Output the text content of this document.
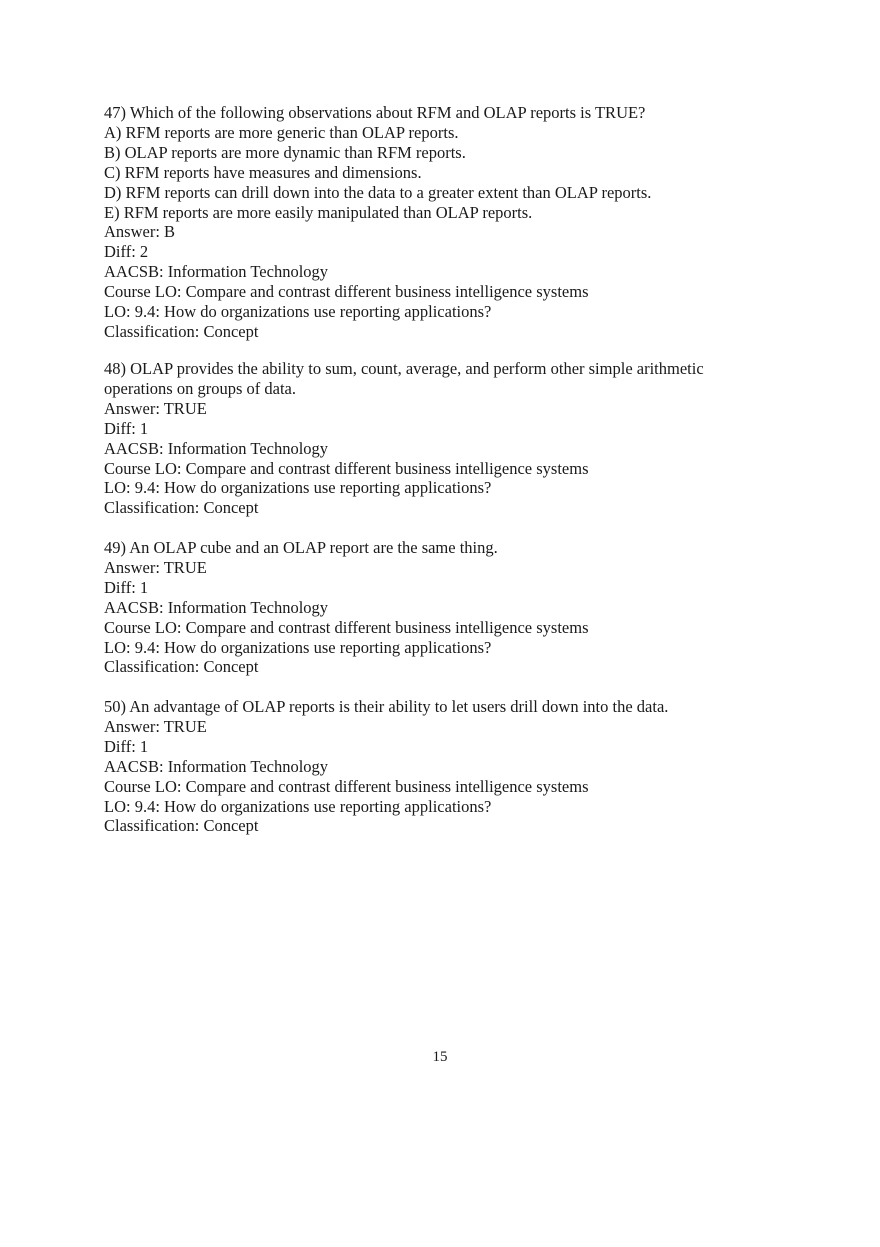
47) Which of the following observations about RFM and OLAP reports is TRUE?
A) RFM reports are more generic than OLAP reports.
B) OLAP reports are more dynamic than RFM reports.
C) RFM reports have measures and dimensions.
D) RFM reports can drill down into the data to a greater extent than OLAP reports.
E) RFM reports are more easily manipulated than OLAP reports.
Answer: B
Diff: 2
AACSB: Information Technology
Course LO: Compare and contrast different business intelligence systems
LO: 9.4: How do organizations use reporting applications?
Classification: Concept
48) OLAP provides the ability to sum, count, average, and perform other simple arithmetic
operations on groups of data.
Answer: TRUE
Diff: 1
AACSB: Information Technology
Course LO: Compare and contrast different business intelligence systems
LO: 9.4: How do organizations use reporting applications?
Classification: Concept
49) An OLAP cube and an OLAP report are the same thing.
Answer: TRUE
Diff: 1
AACSB: Information Technology
Course LO: Compare and contrast different business intelligence systems
LO: 9.4: How do organizations use reporting applications?
Classification: Concept
50) An advantage of OLAP reports is their ability to let users drill down into the data.
Answer: TRUE
Diff: 1
AACSB: Information Technology
Course LO: Compare and contrast different business intelligence systems
LO: 9.4: How do organizations use reporting applications?
Classification: Concept
15
